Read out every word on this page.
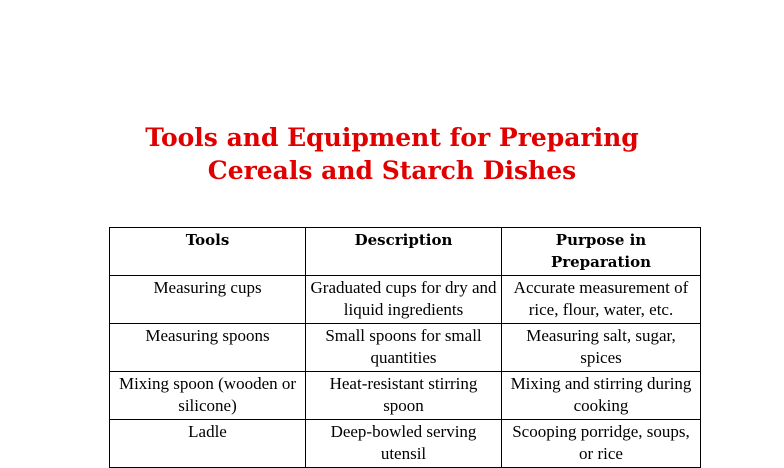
Tools and Equipment for Preparing
Cereals and Starch Dishes
Tools	Description	Purpose in Preparation
Measuring cups	Graduated cups for dry and liquid ingredients	Accurate measurement of rice, flour, water, etc.
Measuring spoons	Small spoons for small quantities	Measuring salt, sugar, spices
Mixing spoon (wooden or silicone)	Heat-resistant stirring spoon	Mixing and stirring during cooking
Ladle	Deep-bowled serving utensil	Scooping porridge, soups, or rice
